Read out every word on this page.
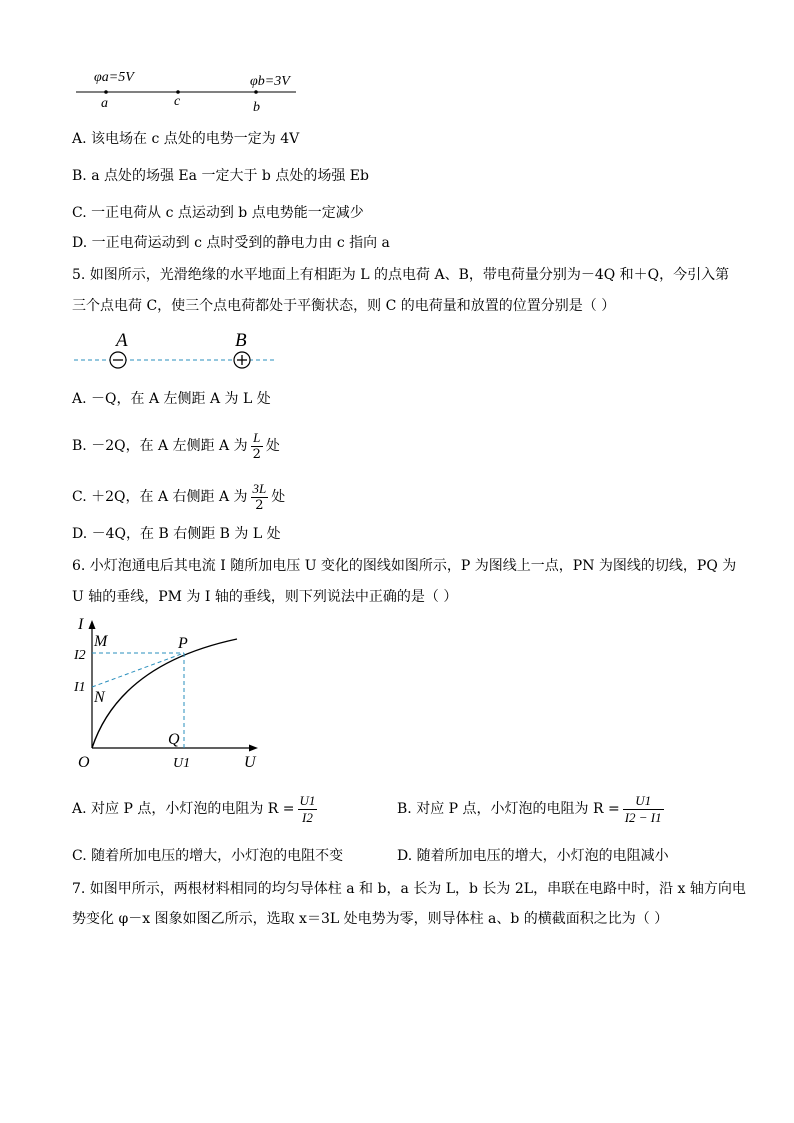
φa=5V	φb=3V
a	c	b
A. 该电场在 c 点处的电势一定为 4V
B. a 点处的场强 Ea 一定大于 b 点处的场强 Eb
C. 一正电荷从 c 点运动到 b 点电势能一定减少
D. 一正电荷运动到 c 点时受到的静电力由 c 指向 a
5. 如图所示，光滑绝缘的水平地面上有相距为 L 的点电荷 A、B，带电荷量分别为－4Q 和＋Q，今引入第
三个点电荷 C，使三个点电荷都处于平衡状态，则 C 的电荷量和放置的位置分别是（ ）
A	B
A. －Q，在 A 左侧距 A 为 L 处
B. －2Q，在 A 左侧距 A 为 $\frac{L}{2}$ 处
C. ＋2Q，在 A 右侧距 A 为 $\frac{3L}{2}$ 处
D. －4Q，在 B 右侧距 B 为 L 处
6. 小灯泡通电后其电流 I 随所加电压 U 变化的图线如图所示，P 为图线上一点，PN 为图线的切线，PQ 为
U 轴的垂线，PM 为 I 轴的垂线，则下列说法中正确的是（ ）
I
U
O
M	P
N
Q
I2
I1
U1
A. 对应 P 点，小灯泡的电阻为 $R = \frac{U1}{I2}$	B. 对应 P 点，小灯泡的电阻为 $R = \frac{U1}{I2 - I1}$
C. 随着所加电压的增大，小灯泡的电阻不变	D. 随着所加电压的增大，小灯泡的电阻减小
7. 如图甲所示，两根材料相同的均匀导体柱 a 和 b，a 长为 L，b 长为 2L，串联在电路中时，沿 x 轴方向电
势变化 φ－x 图象如图乙所示，选取 x＝3L 处电势为零，则导体柱 a、b 的横截面积之比为（ ）
